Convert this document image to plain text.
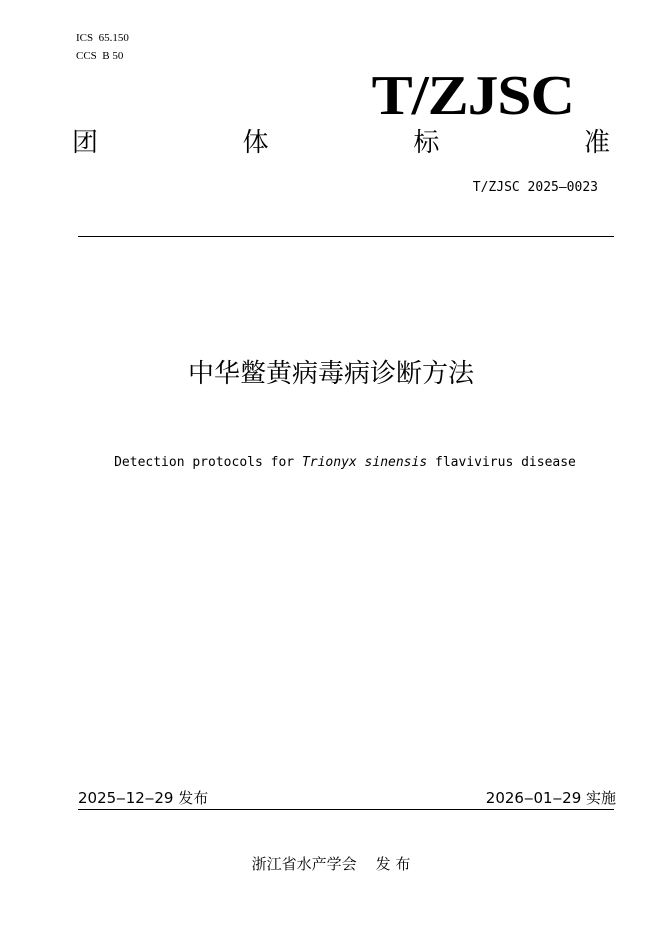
ICS  65.150
CCS  B 50
T/ZJSC
团	体	标	准
T/ZJSC 2025—0023
中华鳖黄病毒病诊断方法
Detection protocols for Trionyx sinensis flavivirus disease
2025‒12‒29 发布	2026‒01‒29 实施
浙江省水产学会    发 布
